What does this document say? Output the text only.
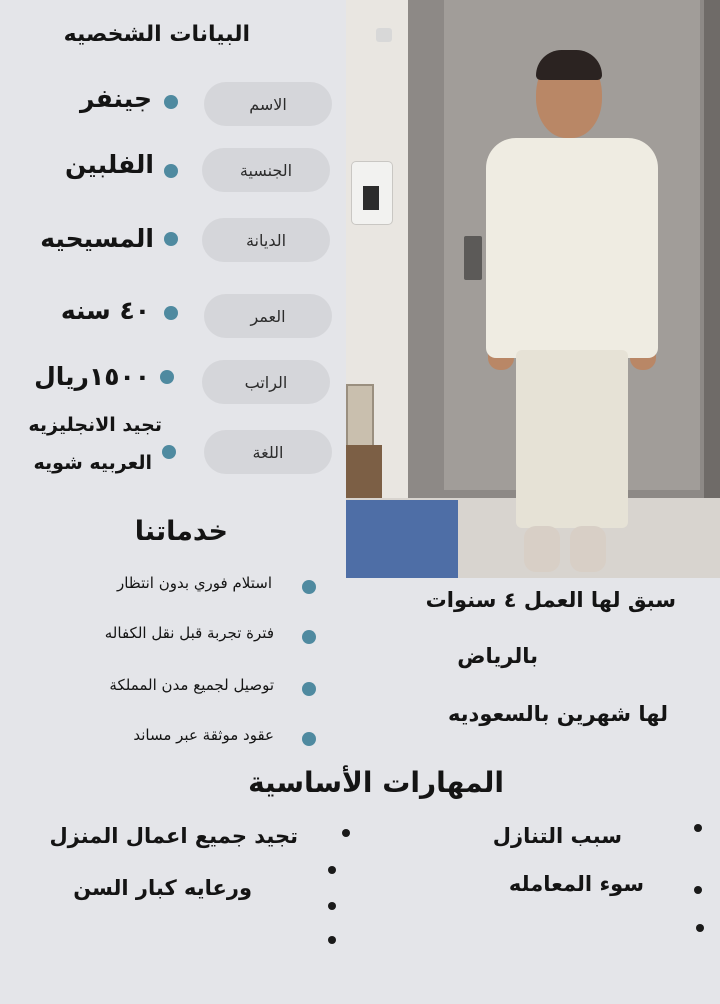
البيانات الشخصيه
الاسم
جينفر
الجنسية
الفلبين
الديانة
المسيحيه
العمر
٤٠ سنه
الراتب
١٥٠٠ريال
اللغة
تجيد الانجليزيه
العربيه شويه
خدماتنا
استلام فوري بدون انتظار
فترة تجربة قبل نقل الكفاله
توصيل لجميع مدن المملكة
عقود موثقة عبر مساند
سبق لها العمل ٤ سنوات
بالرياض
لها شهرين بالسعوديه
المهارات الأساسية
تجيد جميع اعمال المنزل
ورعايه كبار السن
سبب التنازل
سوء المعامله
